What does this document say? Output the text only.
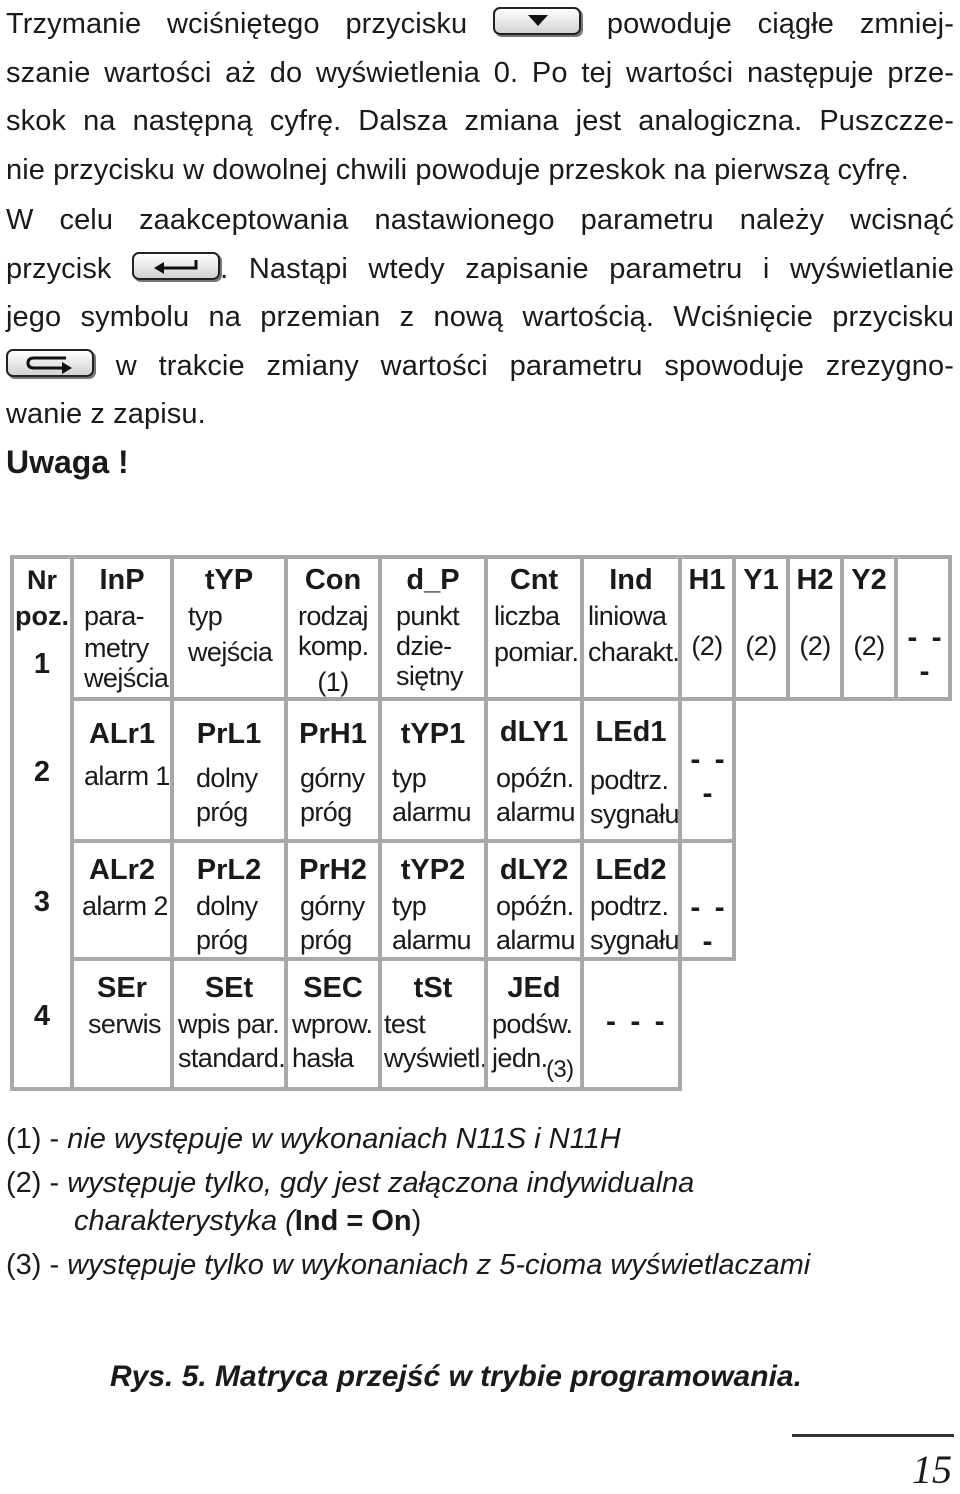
Trzymanie wciśniętego przycisku	powoduje ciągłe zmniej-

szanie wartości aż do wyświetlenia 0. Po tej wartości następuje prze-

skok na następną cyfrę. Dalsza zmiana jest analogiczna. Puszczze-

nie przycisku w dowolnej chwili powoduje przeskok na pierwszą cyfrę.

W celu zaakceptowania nastawionego parametru należy wcisnąć

przycisk	. Nastąpi wtedy zapisanie parametru i wyświetlanie

jego symbolu na przemian z nową wartością. Wciśnięcie przycisku

w trakcie zmiany wartości parametru spowoduje zrezygno-

wanie z zapisu.

Uwaga !
Nr
poz.
1
2
3
4
InP
para-
metry
wejścia
tYP
typ
wejścia
Con
rodzaj
komp.
(1)
d_P
punkt
dzie-
siętny
Cnt
liczba
pomiar.
Ind
liniowa
charakt.
H1
(2)
Y1
(2)
H2
(2)
Y2
(2) - - -
ALr1
alarm 1
PrL1
dolny
próg
PrH1
górny
próg
tYP1
typ
alarmu
dLY1
opóźn.
alarmu
LEd1
podtrz.
sygnału
- - -
ALr2
alarm 2
PrL2
dolny
próg
PrH2
górny
próg
tYP2
typ
alarmu
dLY2
opóźn.
alarmu
LEd2
podtrz.
sygnału
- - -
SEr
serwis
SEt
wpis par.
standard.
SEC
wprow.
hasła
tSt
test
wyświetl.
JEd
podśw.
jedn.
(3)
- - -
(1) - nie występuje w wykonaniach N11S i N11H
(2) - występuje tylko, gdy jest załączona indywidualna
charakterystyka (Ind = On)
(3) - występuje tylko w wykonaniach z 5-cioma wyświetlaczami
Rys. 5. Matryca przejść w trybie programowania.
15
